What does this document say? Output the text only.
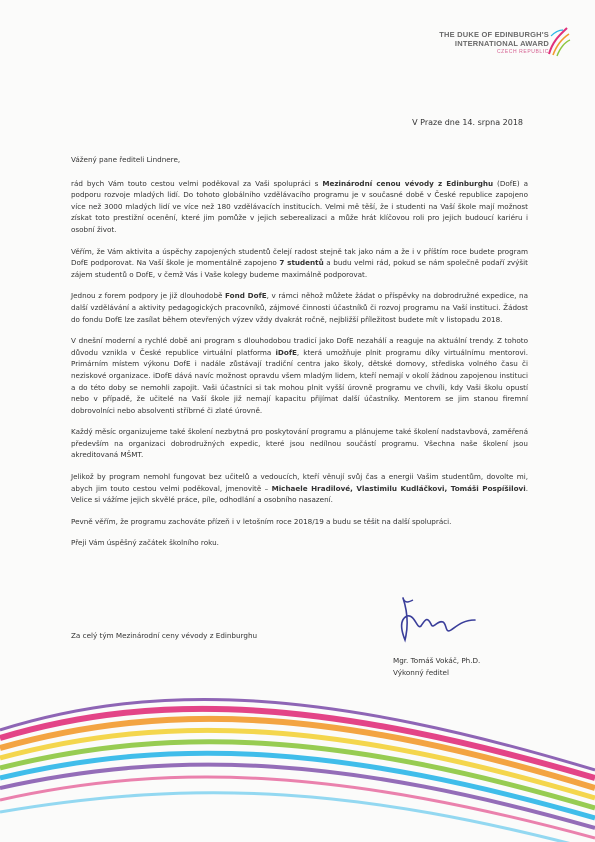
THE DUKE OF EDINBURGH'S
INTERNATIONAL AWARD
CZECH REPUBLIC
V Praze dne 14. srpna 2018

Vážený pane řediteli Lindnere,

rád bych Vám touto cestou velmi poděkoval za Vaši spolupráci s Mezinárodní cenou vévody z Edinburghu (DofE) a podporu rozvoje mladých lidí. Do tohoto globálního vzdělávacího programu je v současné době v České republice zapojeno více než 3000 mladých lidí ve více než 180 vzdělávacích institucích. Velmi mě těší, že i studenti na Vaší škole mají možnost získat toto prestižní ocenění, které jim pomůže v jejich seberealizaci a může hrát klíčovou roli pro jejich budoucí kariéru i osobní život.

Věřím, že Vám aktivita a úspěchy zapojených studentů čelejí radost stejně tak jako nám a že i v příštím roce budete program DofE podporovat. Na Vaší škole je momentálně zapojeno 7 studentů a budu velmi rád, pokud se nám společně podaří zvýšit zájem studentů o DofE, v čemž Vás i Vaše kolegy budeme maximálně podporovat.

Jednou z forem podpory je již dlouhodobě Fond DofE, v rámci něhož můžete žádat o příspěvky na dobrodružné expedice, na další vzdělávání a aktivity pedagogických pracovníků, zájmové činnosti účastníků či rozvoj programu na Vaší instituci. Žádost do fondu DofE lze zasílat během otevřených výzev vždy dvakrát ročně, nejbližší příležitost budete mít v listopadu 2018.

V dnešní moderní a rychlé době ani program s dlouhodobou tradicí jako DofE nezahálí a reaguje na aktuální trendy. Z tohoto důvodu vznikla v České republice virtuální platforma iDofE, která umožňuje plnit programu díky virtuálnímu mentorovi. Primárním místem výkonu DofE i nadále zůstávají tradiční centra jako školy, dětské domovy, střediska volného času či neziskové organizace. iDofE dává navíc možnost opravdu všem mladým lidem, kteří nemají v okolí žádnou zapojenou instituci a do této doby se nemohli zapojit. Vaši účastníci si tak mohou plnit vyšší úrovně programu ve chvíli, kdy Vaši školu opustí nebo v případě, že učitelé na Vaší škole již nemají kapacitu přijímat další účastníky. Mentorem se jim stanou firemní dobrovolníci nebo absolventi stříbrné či zlaté úrovně.

Každý měsíc organizujeme také školení nezbytná pro poskytování programu a plánujeme také školení nadstavbová, zaměřená především na organizaci dobrodružných expedic, které jsou nedílnou součástí programu. Všechna naše školení jsou akreditovaná MŠMT.

Jelikož by program nemohl fungovat bez učitelů a vedoucích, kteří věnují svůj čas a energii Vašim studentům, dovolte mi, abych jim touto cestou velmi poděkoval, jmenovitě – Michaele Hradilové, Vlastimilu Kudláčkovi, Tomáši Pospíšilovi. Velice si vážíme jejich skvělé práce, píle, odhodlání a osobního nasazení.

Pevně věřím, že programu zachováte přízeň i v letošním roce 2018/19 a budu se těšit na další spolupráci.

Přeji Vám úspěšný začátek školního roku.

Za celý tým Mezinárodní ceny vévody z Edinburghu
Mgr. Tomáš Vokáč, Ph.D.
Výkonný ředitel
